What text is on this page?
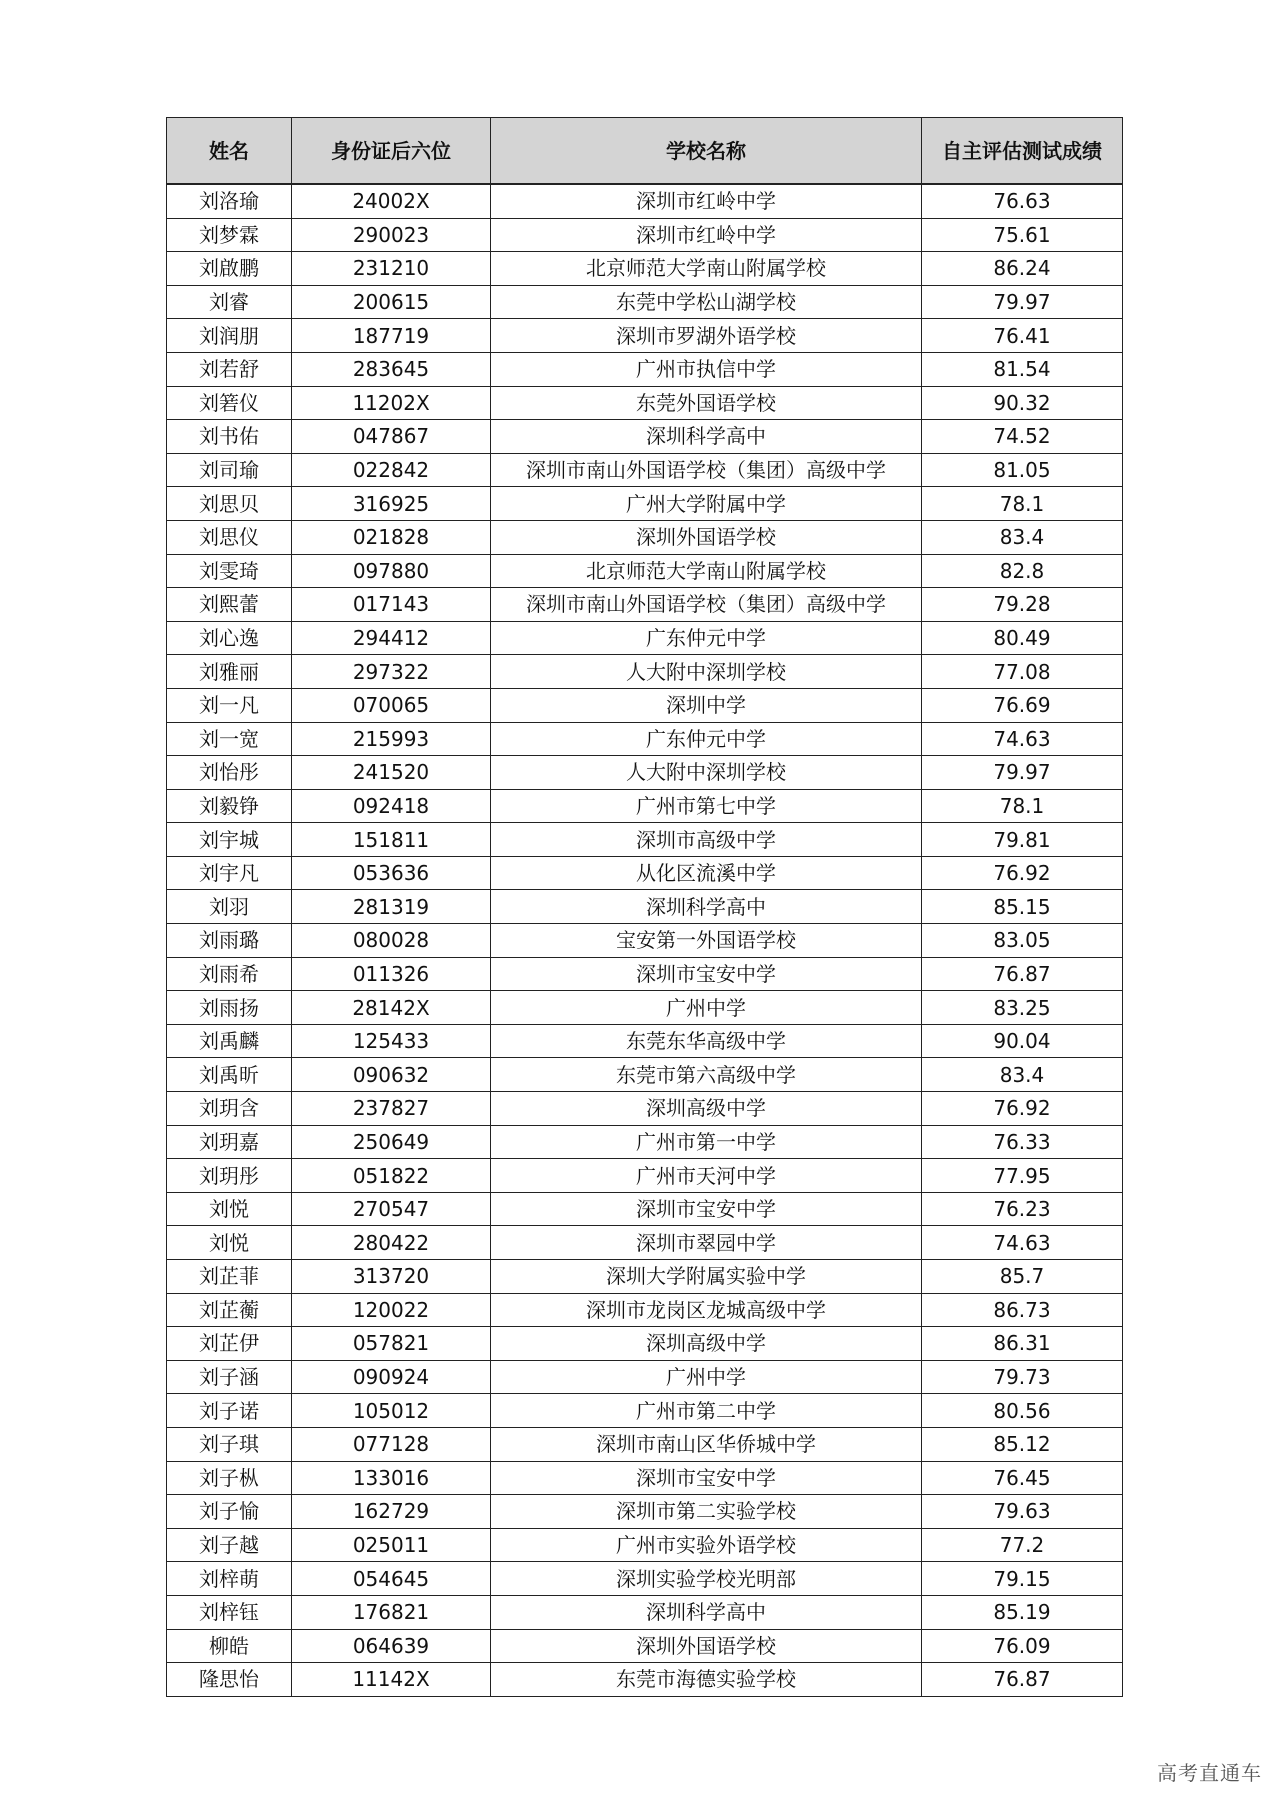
姓名	身份证后六位	学校名称	自主评估测试成绩
刘洛瑜	24002X	深圳市红岭中学	76.63
刘梦霖	290023	深圳市红岭中学	75.61
刘啟鹏	231210	北京师范大学南山附属学校	86.24
刘睿	200615	东莞中学松山湖学校	79.97
刘润朋	187719	深圳市罗湖外语学校	76.41
刘若舒	283645	广州市执信中学	81.54
刘箬仪	11202X	东莞外国语学校	90.32
刘书佑	047867	深圳科学高中	74.52
刘司瑜	022842	深圳市南山外国语学校（集团）高级中学	81.05
刘思贝	316925	广州大学附属中学	78.1
刘思仪	021828	深圳外国语学校	83.4
刘雯琦	097880	北京师范大学南山附属学校	82.8
刘熙蕾	017143	深圳市南山外国语学校（集团）高级中学	79.28
刘心逸	294412	广东仲元中学	80.49
刘雅丽	297322	人大附中深圳学校	77.08
刘一凡	070065	深圳中学	76.69
刘一宽	215993	广东仲元中学	74.63
刘怡彤	241520	人大附中深圳学校	79.97
刘毅铮	092418	广州市第七中学	78.1
刘宇城	151811	深圳市高级中学	79.81
刘宇凡	053636	从化区流溪中学	76.92
刘羽	281319	深圳科学高中	85.15
刘雨璐	080028	宝安第一外国语学校	83.05
刘雨希	011326	深圳市宝安中学	76.87
刘雨扬	28142X	广州中学	83.25
刘禹麟	125433	东莞东华高级中学	90.04
刘禹昕	090632	东莞市第六高级中学	83.4
刘玥含	237827	深圳高级中学	76.92
刘玥嘉	250649	广州市第一中学	76.33
刘玥彤	051822	广州市天河中学	77.95
刘悦	270547	深圳市宝安中学	76.23
刘悦	280422	深圳市翠园中学	74.63
刘芷菲	313720	深圳大学附属实验中学	85.7
刘芷蘅	120022	深圳市龙岗区龙城高级中学	86.73
刘芷伊	057821	深圳高级中学	86.31
刘子涵	090924	广州中学	79.73
刘子诺	105012	广州市第二中学	80.56
刘子琪	077128	深圳市南山区华侨城中学	85.12
刘子枞	133016	深圳市宝安中学	76.45
刘子愉	162729	深圳市第二实验学校	79.63
刘子越	025011	广州市实验外语学校	77.2
刘梓萌	054645	深圳实验学校光明部	79.15
刘梓钰	176821	深圳科学高中	85.19
柳皓	064639	深圳外国语学校	76.09
隆思怡	11142X	东莞市海德实验学校	76.87
高考直通车
